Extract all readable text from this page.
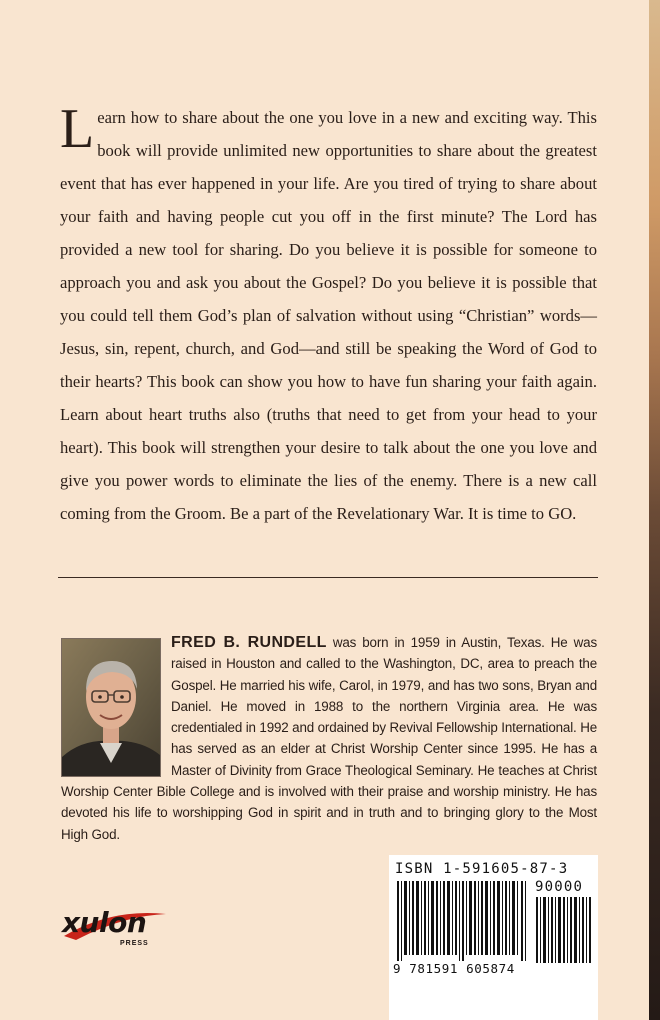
Learn how to share about the one you love in a new and exciting way. This book will provide unlimited new opportunities to share about the greatest event that has ever happened in your life. Are you tired of trying to share about your faith and having people cut you off in the first minute? The Lord has provided a new tool for sharing. Do you believe it is possible for someone to approach you and ask you about the Gospel? Do you believe it is possible that you could tell them God’s plan of salvation without using “Christian” words—Jesus, sin, repent, church, and God—and still be speaking the Word of God to their hearts? This book can show you how to have fun sharing your faith again. Learn about heart truths also (truths that need to get from your head to your heart). This book will strengthen your desire to talk about the one you love and give you power words to eliminate the lies of the enemy. There is a new call coming from the Groom. Be a part of the Revelationary War. It is time to GO.

FRED B. RUNDELL was born in 1959 in Austin, Texas. He was raised in Houston and called to the Washington, DC, area to preach the Gospel. He married his wife, Carol, in 1979, and has two sons, Bryan and Daniel. He moved in 1988 to the northern Virginia area. He was credentialed in 1992 and ordained by Revival Fellowship International. He has served as an elder at Christ Worship Center since 1995. He has a Master of Divinity from Grace Theological Seminary. He teaches at Christ Worship Center Bible College and is involved with their praise and worship ministry. He has devoted his life to worshipping God in spirit and in truth and to bringing glory to the Most High God.

xulon
PRESS
ISBN 1-591605-87-3
90000
9 781591 605874
